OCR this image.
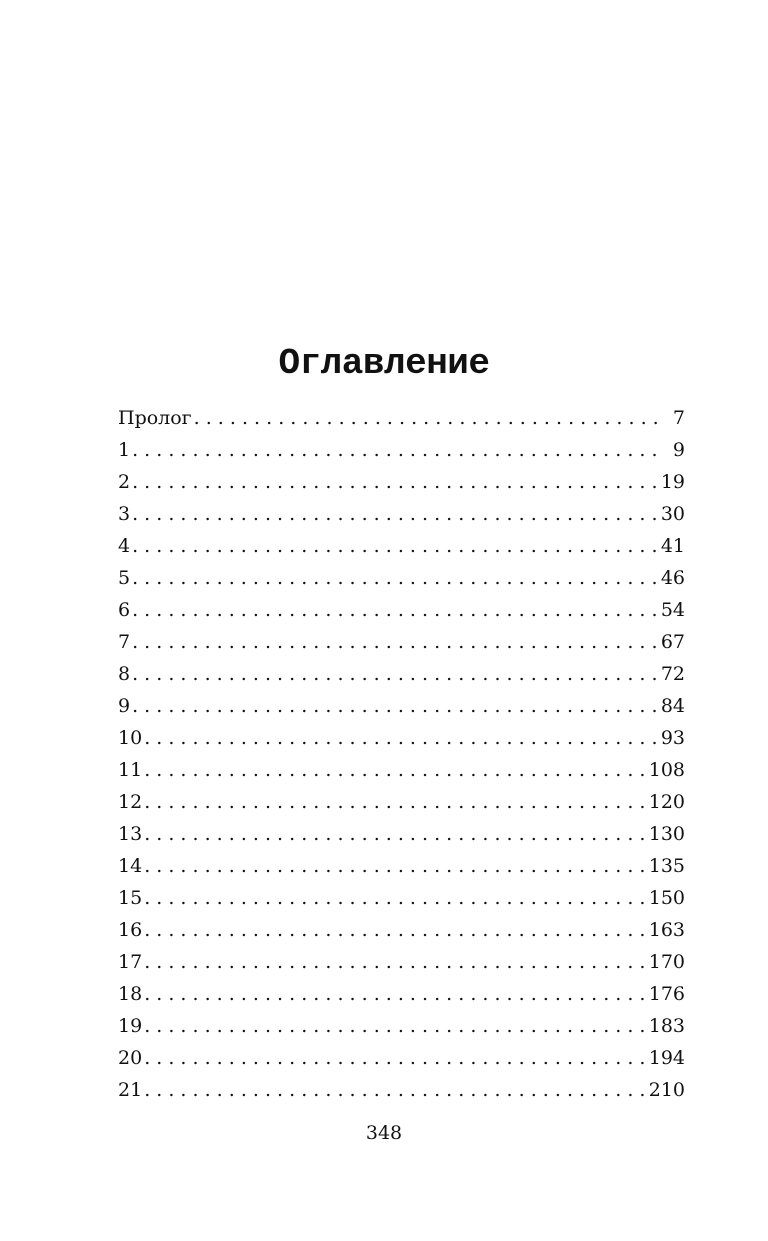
Оглавление
Пролог . . .	7
1 . . .	9
2 . . .	19
3 . . .	30
4 . . .	41
5 . . .	46
6 . . .	54
7 . . .	67
8 . . .	72
9 . . .	84
10 . . .	93
11 . . .	108
12 . . .	120
13 . . .	130
14 . . .	135
15 . . .	150
16 . . .	163
17 . . .	170
18 . . .	176
19 . . .	183
20 . . .	194
21 . . .	210
348
